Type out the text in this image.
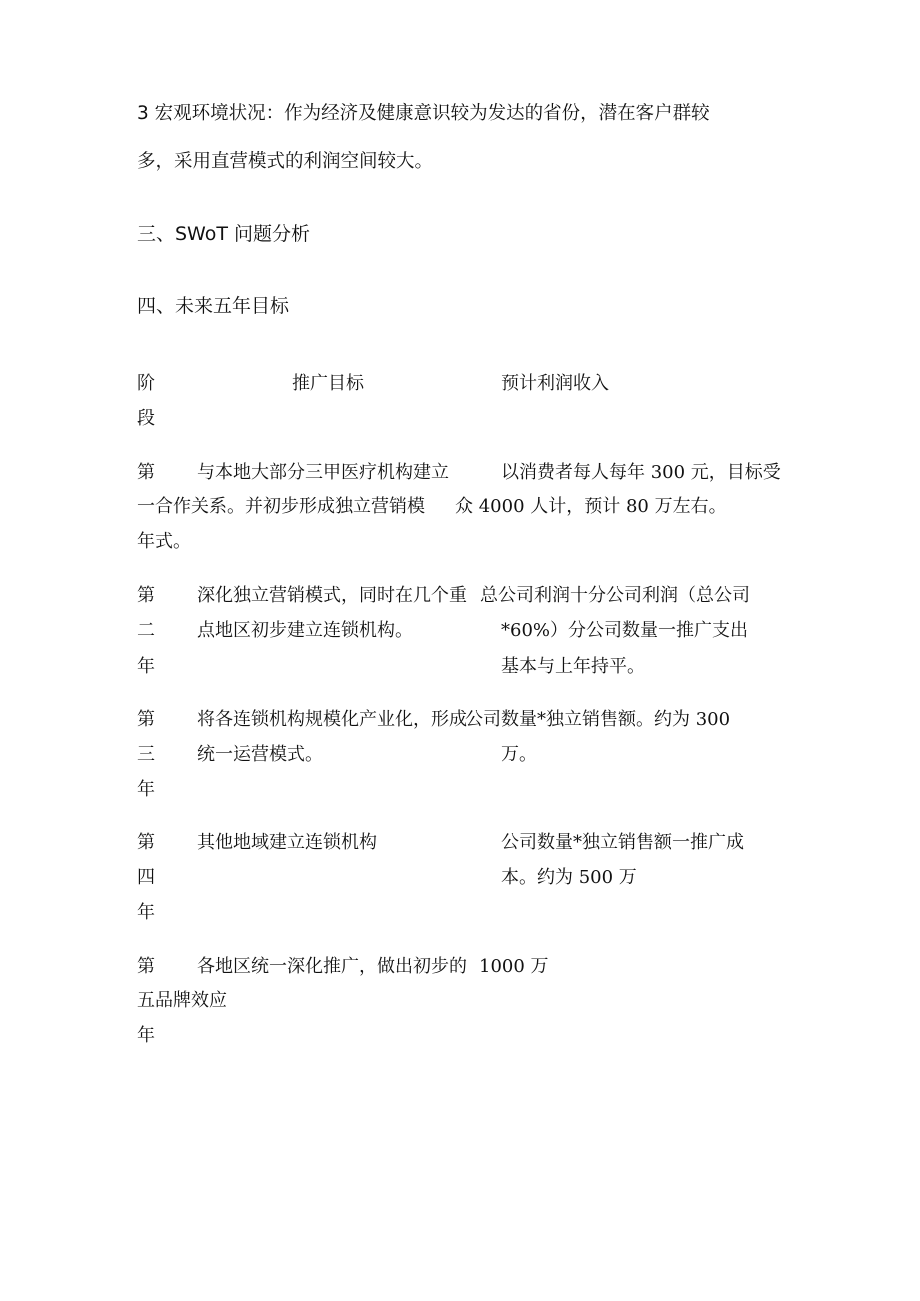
3 宏观环境状况：作为经济及健康意识较为发达的省份，潜在客户群较
多，采用直营模式的利润空间较大。
三、SWoT 问题分析
四、未来五年目标
阶
段
推广目标	预计利润收入
第
一
年
与本地大部分三甲医疗机构建立
合作关系。并初步形成独立营销模
式。
以消费者每人每年 300 元，目标受
众 4000 人计，预计 80 万左右。
第
二
年
深化独立营销模式，同时在几个重
点地区初步建立连锁机构。
总公司利润十分公司利润（总公司
*60%）分公司数量一推广支出
基本与上年持平。
第
三
年
将各连锁机构规模化产业化，形成
统一运营模式。
公司数量*独立销售额。约为 300
万。
第
四
年
其他地域建立连锁机构	公司数量*独立销售额一推广成
本。约为 500 万
第
五
年
各地区统一深化推广，做出初步的
品牌效应
1000 万
